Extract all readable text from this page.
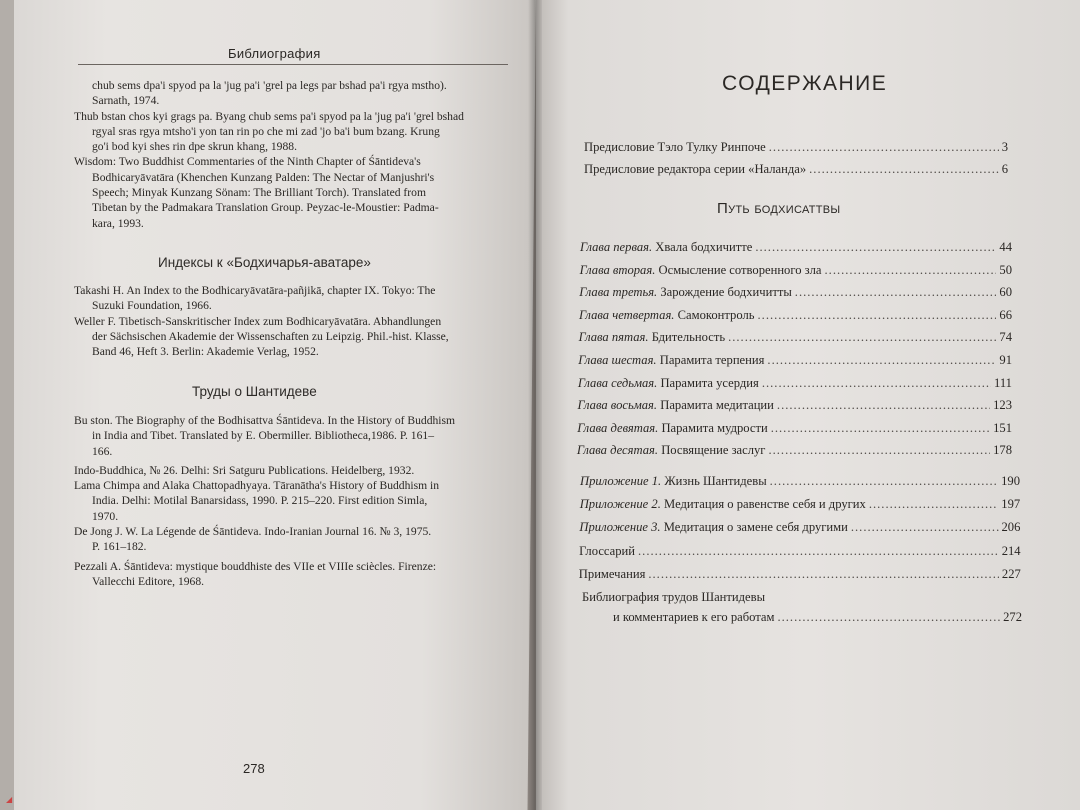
Библиография
chub sems dpa'i spyod pa la 'jug pa'i 'grel pa legs par bshad pa'i rgya mstho).
Sarnath, 1974.
Thub bstan chos kyi grags pa. Byang chub sems pa'i spyod pa la 'jug pa'i 'grel bshad
rgyal sras rgya mtsho'i yon tan rin po che mi zad 'jo ba'i bum bzang. Krung
go'i bod kyi shes rin dpe skrun khang, 1988.
Wisdom: Two Buddhist Commentaries of the Ninth Chapter of Śāntideva's
Bodhicaryāvatāra (Khenchen Kunzang Palden: The Nectar of Manjushri's
Speech; Minyak Kunzang Sönam: The Brilliant Torch). Translated from
Tibetan by the Padmakara Translation Group. Peyzac-le-Moustier: Padma-
kara, 1993.
Индексы к «Бодхичарья-аватаре»
Takashi H. An Index to the Bodhicaryāvatāra-pañjikā, chapter IX. Tokyo: The
Suzuki Foundation, 1966.
Weller F. Tibetisch-Sanskritischer Index zum Bodhicaryāvatāra. Abhandlungen
der Sächsischen Akademie der Wissenschaften zu Leipzig. Phil.-hist. Klasse,
Band 46, Heft 3. Berlin: Akademie Verlag, 1952.
Труды о Шантидеве
Bu ston. The Biography of the Bodhisattva Śāntideva. In the History of Buddhism
in India and Tibet. Translated by E. Obermiller. Bibliotheca,1986. P. 161–
166.
Indo-Buddhica, № 26. Delhi: Sri Satguru Publications. Heidelberg, 1932.
Lama Chimpa and Alaka Chattopadhyaya. Tāranātha's History of Buddhism in
India. Delhi: Motilal Banarsidass, 1990. P. 215–220. First edition Simla,
1970.
De Jong J. W. La Légende de Śāntideva. Indo-Iranian Journal 16. № 3, 1975.
P. 161–182.
Pezzali A. Śāntideva: mystique bouddhiste des VIIe et VIIIe sciècles. Firenze:
Vallecchi Editore, 1968.
278
СОДЕРЖАНИЕ
Предисловие Тэло Тулку Ринпоче .....	3
Предисловие редактора серии «Наланда» .....	6
Путь бодхисаттвы
Глава первая. Хвала бодхичитте .....	44
Глава вторая. Осмысление сотворенного зла .....	50
Глава третья. Зарождение бодхичитты .....	60
Глава четвертая. Самоконтроль .....	66
Глава пятая. Бдительность .....	74
Глава шестая. Парамита терпения .....	91
Глава седьмая. Парамита усердия .....	111
Глава восьмая. Парамита медитации .....	123
Глава девятая. Парамита мудрости .....	151
Глава десятая. Посвящение заслуг .....	178
Приложение 1. Жизнь Шантидевы .....	190
Приложение 2. Медитация о равенстве себя и других .....	197
Приложение 3. Медитация о замене себя другими .....	206
Глоссарий .....	214
Примечания .....	227
Библиография трудов Шантидевы
и комментариев к его работам .....	272
◢
